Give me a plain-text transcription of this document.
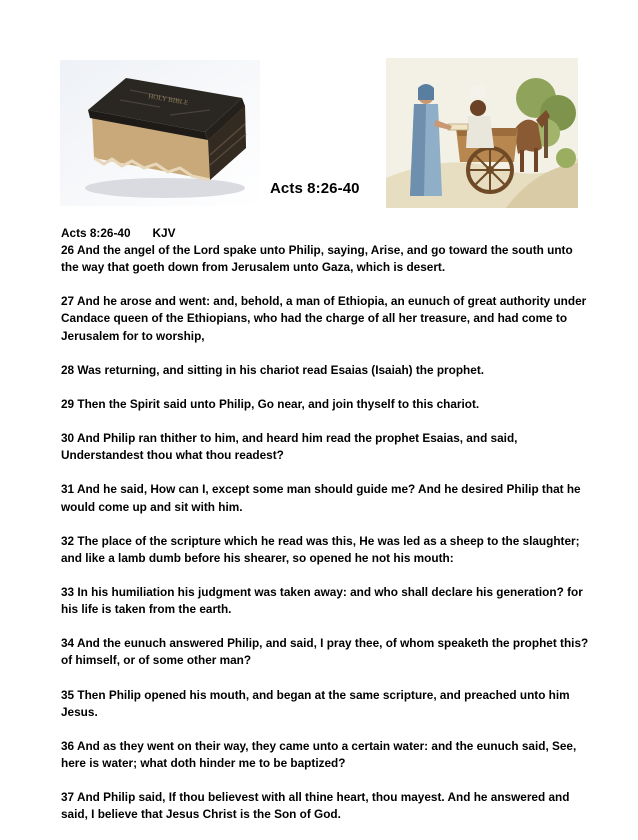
HOLY BIBLE
Acts 8:26-40

Acts 8:26-40 KJV

26 And the angel of the Lord spake unto Philip, saying, Arise, and go toward the south unto the way that goeth down from Jerusalem unto Gaza, which is desert.

27 And he arose and went: and, behold, a man of Ethiopia, an eunuch of great authority under Candace queen of the Ethiopians, who had the charge of all her treasure, and had come to Jerusalem for to worship,

28 Was returning, and sitting in his chariot read Esaias (Isaiah) the prophet.

29 Then the Spirit said unto Philip, Go near, and join thyself to this chariot.

30 And Philip ran thither to him, and heard him read the prophet Esaias, and said, Understandest thou what thou readest?

31 And he said, How can I, except some man should guide me? And he desired Philip that he would come up and sit with him.

32 The place of the scripture which he read was this, He was led as a sheep to the slaughter; and like a lamb dumb before his shearer, so opened he not his mouth:

33 In his humiliation his judgment was taken away: and who shall declare his generation? for his life is taken from the earth.

34 And the eunuch answered Philip, and said, I pray thee, of whom speaketh the prophet this? of himself, or of some other man?

35 Then Philip opened his mouth, and began at the same scripture, and preached unto him Jesus.

36 And as they went on their way, they came unto a certain water: and the eunuch said, See, here is water; what doth hinder me to be baptized?

37 And Philip said, If thou believest with all thine heart, thou mayest. And he answered and said, I believe that Jesus Christ is the Son of God.
